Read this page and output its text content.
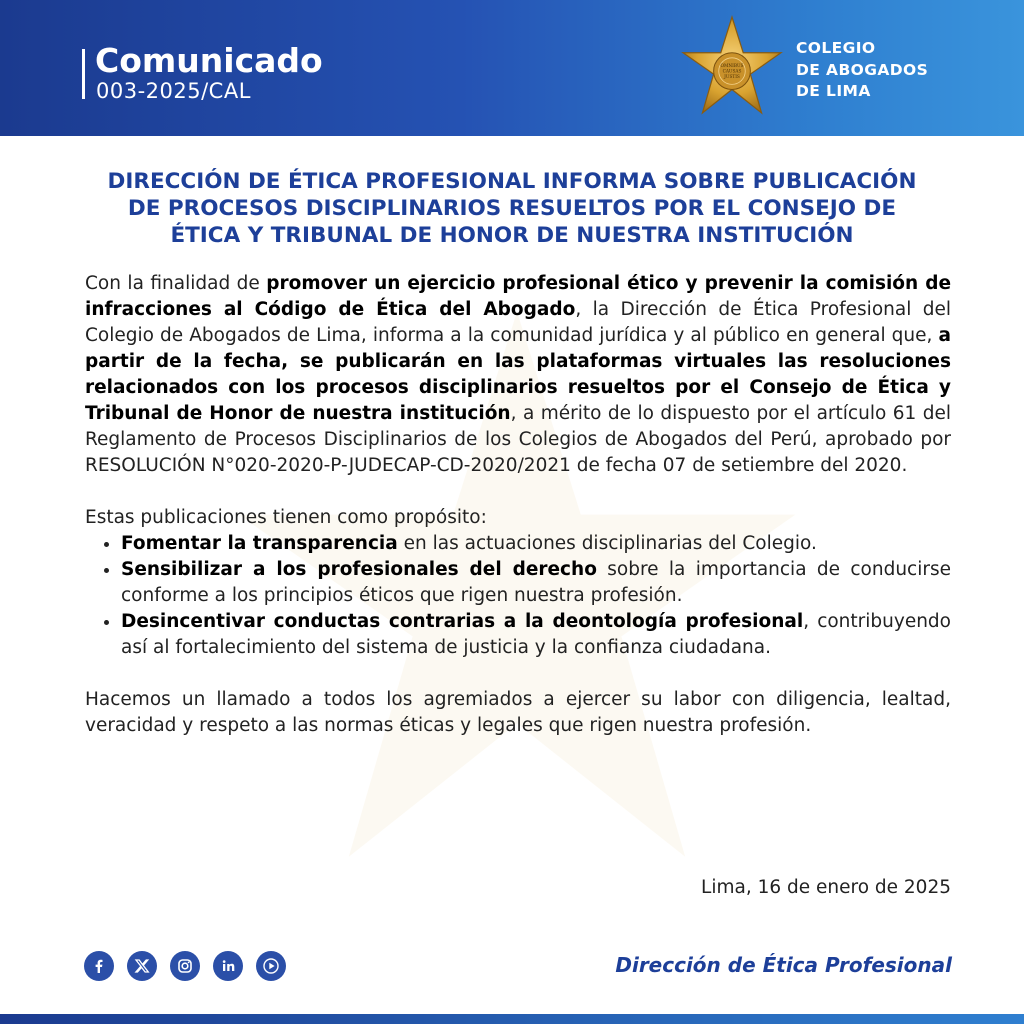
Comunicado
003-2025/CAL
OMNIBUS
CAUSAS
JUSTIS
COLEGIO
DE ABOGADOS
DE LIMA
DIRECCIÓN DE ÉTICA PROFESIONAL INFORMA SOBRE PUBLICACIÓN
DE PROCESOS DISCIPLINARIOS RESUELTOS POR EL CONSEJO DE
ÉTICA Y TRIBUNAL DE HONOR DE NUESTRA INSTITUCIÓN

Con la finalidad de promover un ejercicio profesional ético y prevenir la comisión de infracciones al Código de Ética del Abogado, la Dirección de Ética Profesional del Colegio de Abogados de Lima, informa a la comunidad jurídica y al público en general que, a partir de la fecha, se publicarán en las plataformas virtuales las resoluciones relacionados con los procesos disciplinarios resueltos por el Consejo de Ética y Tribunal de Honor de nuestra institución, a mérito de lo dispuesto por el artículo 61 del Reglamento de Procesos Disciplinarios de los Colegios de Abogados del Perú, aprobado por RESOLUCIÓN N°020-2020-P-JUDECAP-CD-2020/2021 de fecha 07 de setiembre del 2020.

Estas publicaciones tienen como propósito:

• Fomentar la transparencia en las actuaciones disciplinarias del Colegio.
• Sensibilizar a los profesionales del derecho sobre la importancia de conducirse conforme a los principios éticos que rigen nuestra profesión.
• Desincentivar conductas contrarias a la deontología profesional, contribuyendo así al fortalecimiento del sistema de justicia y la confianza ciudadana.

Hacemos un llamado a todos los agremiados a ejercer su labor con diligencia, lealtad, veracidad y respeto a las normas éticas y legales que rigen nuestra profesión.

Lima, 16 de enero de 2025
Dirección de Ética Profesional
